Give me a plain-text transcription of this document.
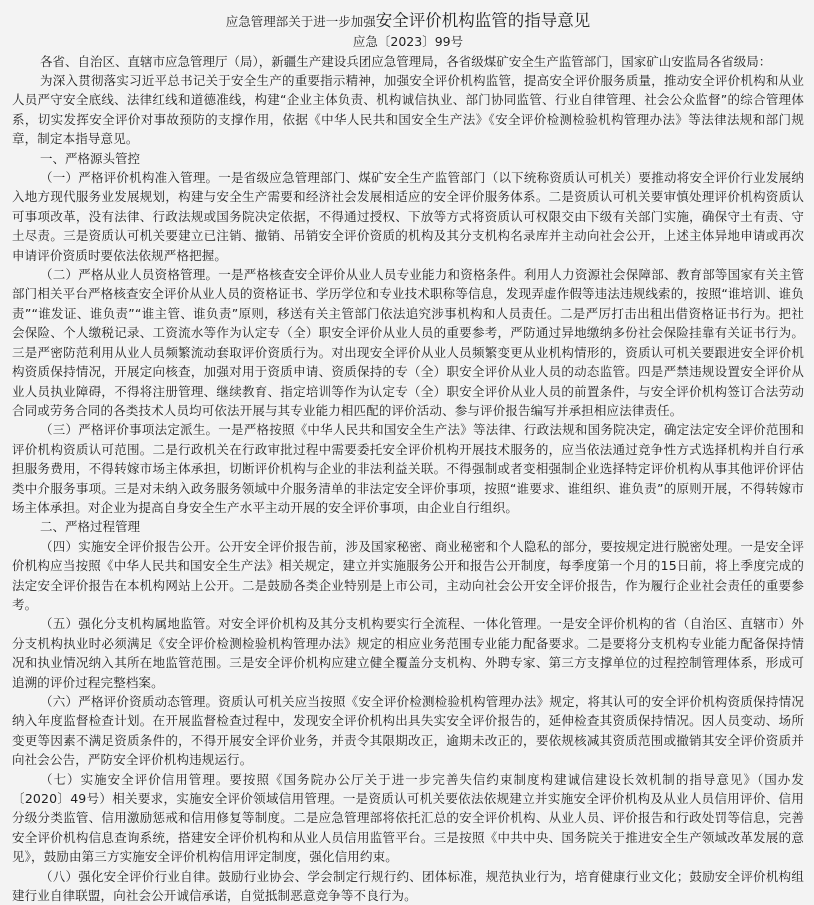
应急管理部关于进一步加强安全评价机构监管的指导意见

应急〔2023〕99号

各省、自治区、直辖市应急管理厅（局），新疆生产建设兵团应急管理局，各省级煤矿安全生产监管部门，国家矿山安监局各省级局：

为深入贯彻落实习近平总书记关于安全生产的重要指示精神，加强安全评价机构监管，提高安全评价服务质量，推动安全评价机构和从业人员严守安全底线、法律红线和道德准线，构建“企业主体负责、机构诚信执业、部门协同监管、行业自律管理、社会公众监督”的综合管理体系，切实发挥安全评价对事故预防的支撑作用，依据《中华人民共和国安全生产法》《安全评价检测检验机构管理办法》等法律法规和部门规章，制定本指导意见。

一、严格源头管控

（一）严格评价机构准入管理。一是省级应急管理部门、煤矿安全生产监管部门（以下统称资质认可机关）要推动将安全评价行业发展纳入地方现代服务业发展规划，构建与安全生产需要和经济社会发展相适应的安全评价服务体系。二是资质认可机关要审慎处理评价机构资质认可事项改革，没有法律、行政法规或国务院决定依据，不得通过授权、下放等方式将资质认可权限交由下级有关部门实施，确保守土有责、守土尽责。三是资质认可机关要建立已注销、撤销、吊销安全评价资质的机构及其分支机构名录库并主动向社会公开，上述主体异地申请或再次申请评价资质时要依法依规严格把握。

（二）严格从业人员资格管理。一是严格核查安全评价从业人员专业能力和资格条件。利用人力资源社会保障部、教育部等国家有关主管部门相关平台严格核查安全评价从业人员的资格证书、学历学位和专业技术职称等信息，发现弄虚作假等违法违规线索的，按照“谁培训、谁负责”“谁发证、谁负责”“谁主管、谁负责”原则，移送有关主管部门依法追究涉事机构和人员责任。二是严厉打击出租出借资格证书行为。把社会保险、个人缴税记录、工资流水等作为认定专（全）职安全评价从业人员的重要参考，严防通过异地缴纳多份社会保险挂靠有关证书行为。三是严密防范利用从业人员频繁流动套取评价资质行为。对出现安全评价从业人员频繁变更从业机构情形的，资质认可机关要跟进安全评价机构资质保持情况，开展定向核查，加强对用于资质申请、资质保持的专（全）职安全评价从业人员的动态监管。四是严禁违规设置安全评价从业人员执业障碍，不得将注册管理、继续教育、指定培训等作为认定专（全）职安全评价从业人员的前置条件，与安全评价机构签订合法劳动合同或劳务合同的各类技术人员均可依法开展与其专业能力相匹配的评价活动、参与评价报告编写并承担相应法律责任。

（三）严格评价事项法定派生。一是严格按照《中华人民共和国安全生产法》等法律、行政法规和国务院决定，确定法定安全评价范围和评价机构资质认可范围。二是行政机关在行政审批过程中需要委托安全评价机构开展技术服务的，应当依法通过竞争性方式选择机构并自行承担服务费用，不得转嫁市场主体承担，切断评价机构与企业的非法利益关联。不得强制或者变相强制企业选择特定评价机构从事其他评价评估类中介服务事项。三是对未纳入政务服务领域中介服务清单的非法定安全评价事项，按照“谁要求、谁组织、谁负责”的原则开展，不得转嫁市场主体承担。对企业为提高自身安全生产水平主动开展的安全评价事项，由企业自行组织。

二、严格过程管理

（四）实施安全评价报告公开。公开安全评价报告前，涉及国家秘密、商业秘密和个人隐私的部分，要按规定进行脱密处理。一是安全评价机构应当按照《中华人民共和国安全生产法》相关规定，建立并实施服务公开和报告公开制度，每季度第一个月的15日前，将上季度完成的法定安全评价报告在本机构网站上公开。二是鼓励各类企业特别是上市公司，主动向社会公开安全评价报告，作为履行企业社会责任的重要参考。

（五）强化分支机构属地监管。对安全评价机构及其分支机构要实行全流程、一体化管理。一是安全评价机构的省（自治区、直辖市）外分支机构执业时必须满足《安全评价检测检验机构管理办法》规定的相应业务范围专业能力配备要求。二是要将分支机构专业能力配备保持情况和执业情况纳入其所在地监管范围。三是安全评价机构应建立健全覆盖分支机构、外聘专家、第三方支撑单位的过程控制管理体系，形成可追溯的评价过程完整档案。

（六）严格评价资质动态管理。资质认可机关应当按照《安全评价检测检验机构管理办法》规定，将其认可的安全评价机构资质保持情况纳入年度监督检查计划。在开展监督检查过程中，发现安全评价机构出具失实安全评价报告的，延伸检查其资质保持情况。因人员变动、场所变更等因素不满足资质条件的，不得开展安全评价业务，并责令其限期改正，逾期未改正的，要依规核减其资质范围或撤销其安全评价资质并向社会公告，严防安全评价机构违规运行。

（七）实施安全评价信用管理。要按照《国务院办公厅关于进一步完善失信约束制度构建诚信建设长效机制的指导意见》（国办发〔2020〕49号）相关要求，实施安全评价领域信用管理。一是资质认可机关要依法依规建立并实施安全评价机构及从业人员信用评价、信用分级分类监管、信用激励惩戒和信用修复等制度。二是应急管理部将依托汇总的安全评价机构、从业人员、评价报告和行政处罚等信息，完善安全评价机构信息查询系统，搭建安全评价机构和从业人员信用监管平台。三是按照《中共中央、国务院关于推进安全生产领域改革发展的意见》，鼓励由第三方实施安全评价机构信用评定制度，强化信用约束。

（八）强化安全评价行业自律。鼓励行业协会、学会制定行规行约、团体标准，规范执业行为，培育健康行业文化；鼓励安全评价机构组建行业自律联盟，向社会公开诚信承诺，自觉抵制恶意竞争等不良行为。
